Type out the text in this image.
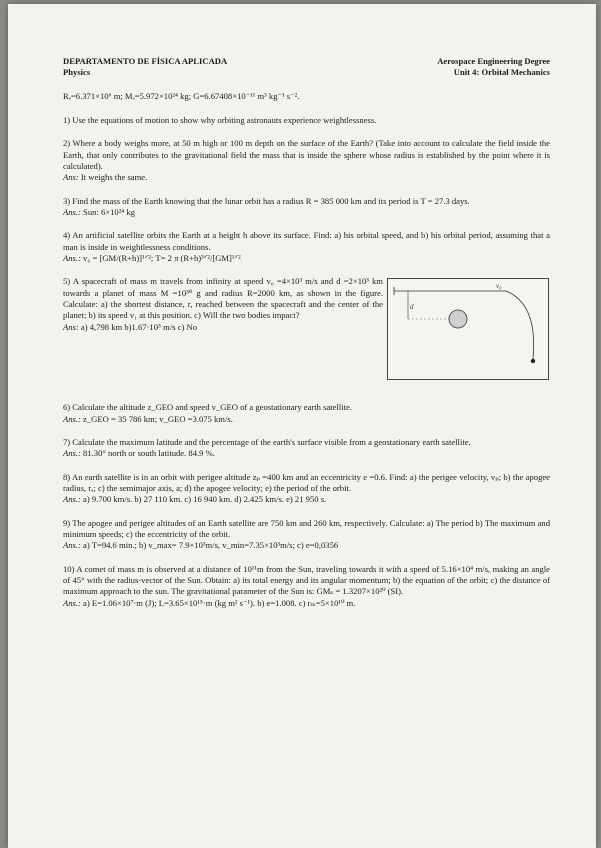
DEPARTAMENTO DE FÍSICA APLICADA
Physics
Aerospace Engineering Degree
Unit 4: Orbital Mechanics

Rₑ=6.371×10⁶ m; Mₑ=5.972×10²⁴ kg; G=6.67408×10⁻¹¹ m³ kg⁻¹ s⁻².

1) Use the equations of motion to show why orbiting astronauts experience weightlessness.

2) Where a body weighs more, at 50 m high or 100 m depth on the surface of the Earth? (Take into account to calculate the field inside the Earth, that only contributes to the gravitational field the mass that is inside the sphere whose radius is established by the point where it is calculated).

Ans: It weighs the same.

3) Find the mass of the Earth knowing that the lunar orbit has a radius R = 385 000 km and its period is T = 27.3 days.

Ans.: Sun: 6×10²⁴ kg

4) An artificial satellite orbits the Earth at a height h above its surface. Find: a) his orbital speed, and b) his orbital period, assuming that a man is inside in weightlessness conditions.

Ans.: v₀ = [GM/(R+h)]¹ᐟ²; T= 2 π (R+h)³ᐟ²/[GM]¹ᐟ²

5) A spacecraft of mass m travels from infinity at speed v₀ =4×10³ m/s and d =2×10³ km towards a planet of mass M =10³⁰ g and radius R=2000 km, as shown in the figure. Calculate: a) the shortest distance, r, reached between the spacecraft and the center of the planet; b) its speed v₁ at this position. c) Will the two bodies impact?

Ans: a) 4,798 km b)1.67·10⁵ m/s c) No

d
v₀

6) Calculate the altitude z_GEO and speed v_GEO of a geostationary earth satellite.

Ans.: z_GEO = 35 786 km; v_GEO =3.075 km/s.

7) Calculate the maximum latitude and the percentage of the earth's surface visible from a geostationary earth satellite.

Ans.: 81.30° north or south latitude. 84.9 %.

8) An earth satellite is in an orbit with perigee altitude zₚ =400 km and an eccentricity e =0.6. Find: a) the perigee velocity, vₚ; b) the apogee radius, rₐ; c) the semimajor axis, a; d) the apogee velocity; e) the period of the orbit.

Ans.: a) 9.700 km/s. b) 27 110 km. c) 16 940 km. d) 2.425 km/s. e) 21 950 s.

9) The apogee and perigee altitudes of an Earth satellite are 750 km and 260 km, respectively. Calculate: a) The period b) The maximum and minimum speeds; c) the eccentricity of the orbit.

Ans.: a) T=94.6 min.; b) v_max= 7.9×10³m/s, v_min=7.35×10³m/s; c) e=0,0356

10) A comet of mass m is observed at a distance of 10¹¹m from the Sun, traveling towards it with a speed of 5.16×10⁴ m/s, making an angle of 45° with the radius-vector of the Sun. Obtain: a) its total energy and its angular momentum; b) the equation of the orbit; c) the distance of maximum approach to the sun. The gravitational parameter of the Sun is: GMₛ = 1.3207×10²⁰ (SI).

Ans.: a) E=1.06×10⁷·m (J); L=3.65×10¹⁵·m (kg m² s⁻¹). b) e=1.008. c) rₘ=5×10¹⁰ m.
